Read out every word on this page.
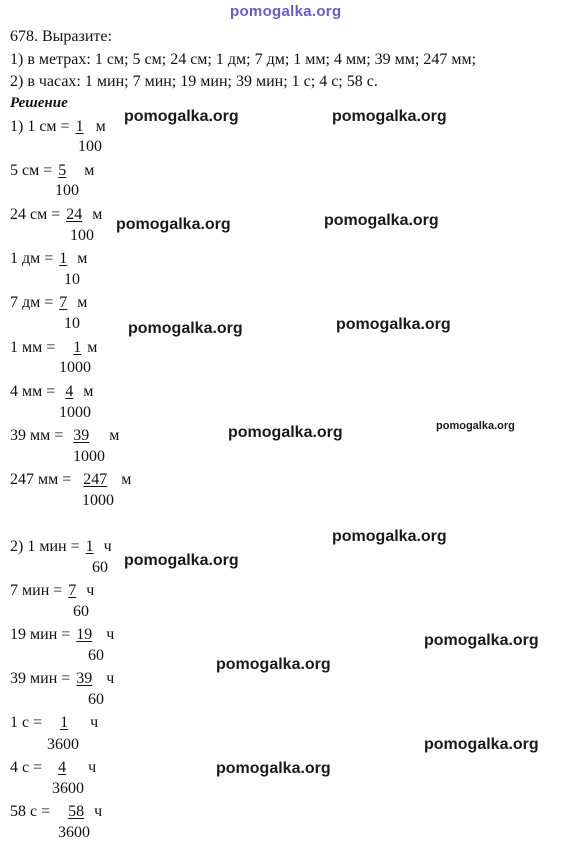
pomogalka.org
678. Выразите:
1) в метрах: 1 см; 5 см; 24 см; 1 дм; 7 дм; 1 мм; 4 мм; 39 мм; 247 мм;
2) в часах: 1 мин; 7 мин; 19 мин; 39 мин; 1 с; 4 с; 58 с.
Решение
1) 1 см = 1 м
100
5 см = 5 м
100
24 см = 24 м
100
1 дм = 1 м
10
7 дм = 7 м
10
1 мм = 1 м
1000
4 мм = 4 м
1000
39 мм = 39 м
1000
247 мм = 247 м
1000
2) 1 мин = 1 ч
60
7 мин = 7 ч
60
19 мин = 19 ч
60
39 мин = 39 ч
60
1 с = 1 ч
3600
4 с = 4 ч
3600
58 с = 58 ч
3600
pomogalka.org	pomogalka.org
pomogalka.org	pomogalka.org
pomogalka.org	pomogalka.org
pomogalka.org	pomogalka.org
pomogalka.org
pomogalka.org
pomogalka.org
pomogalka.org
pomogalka.org
pomogalka.org
